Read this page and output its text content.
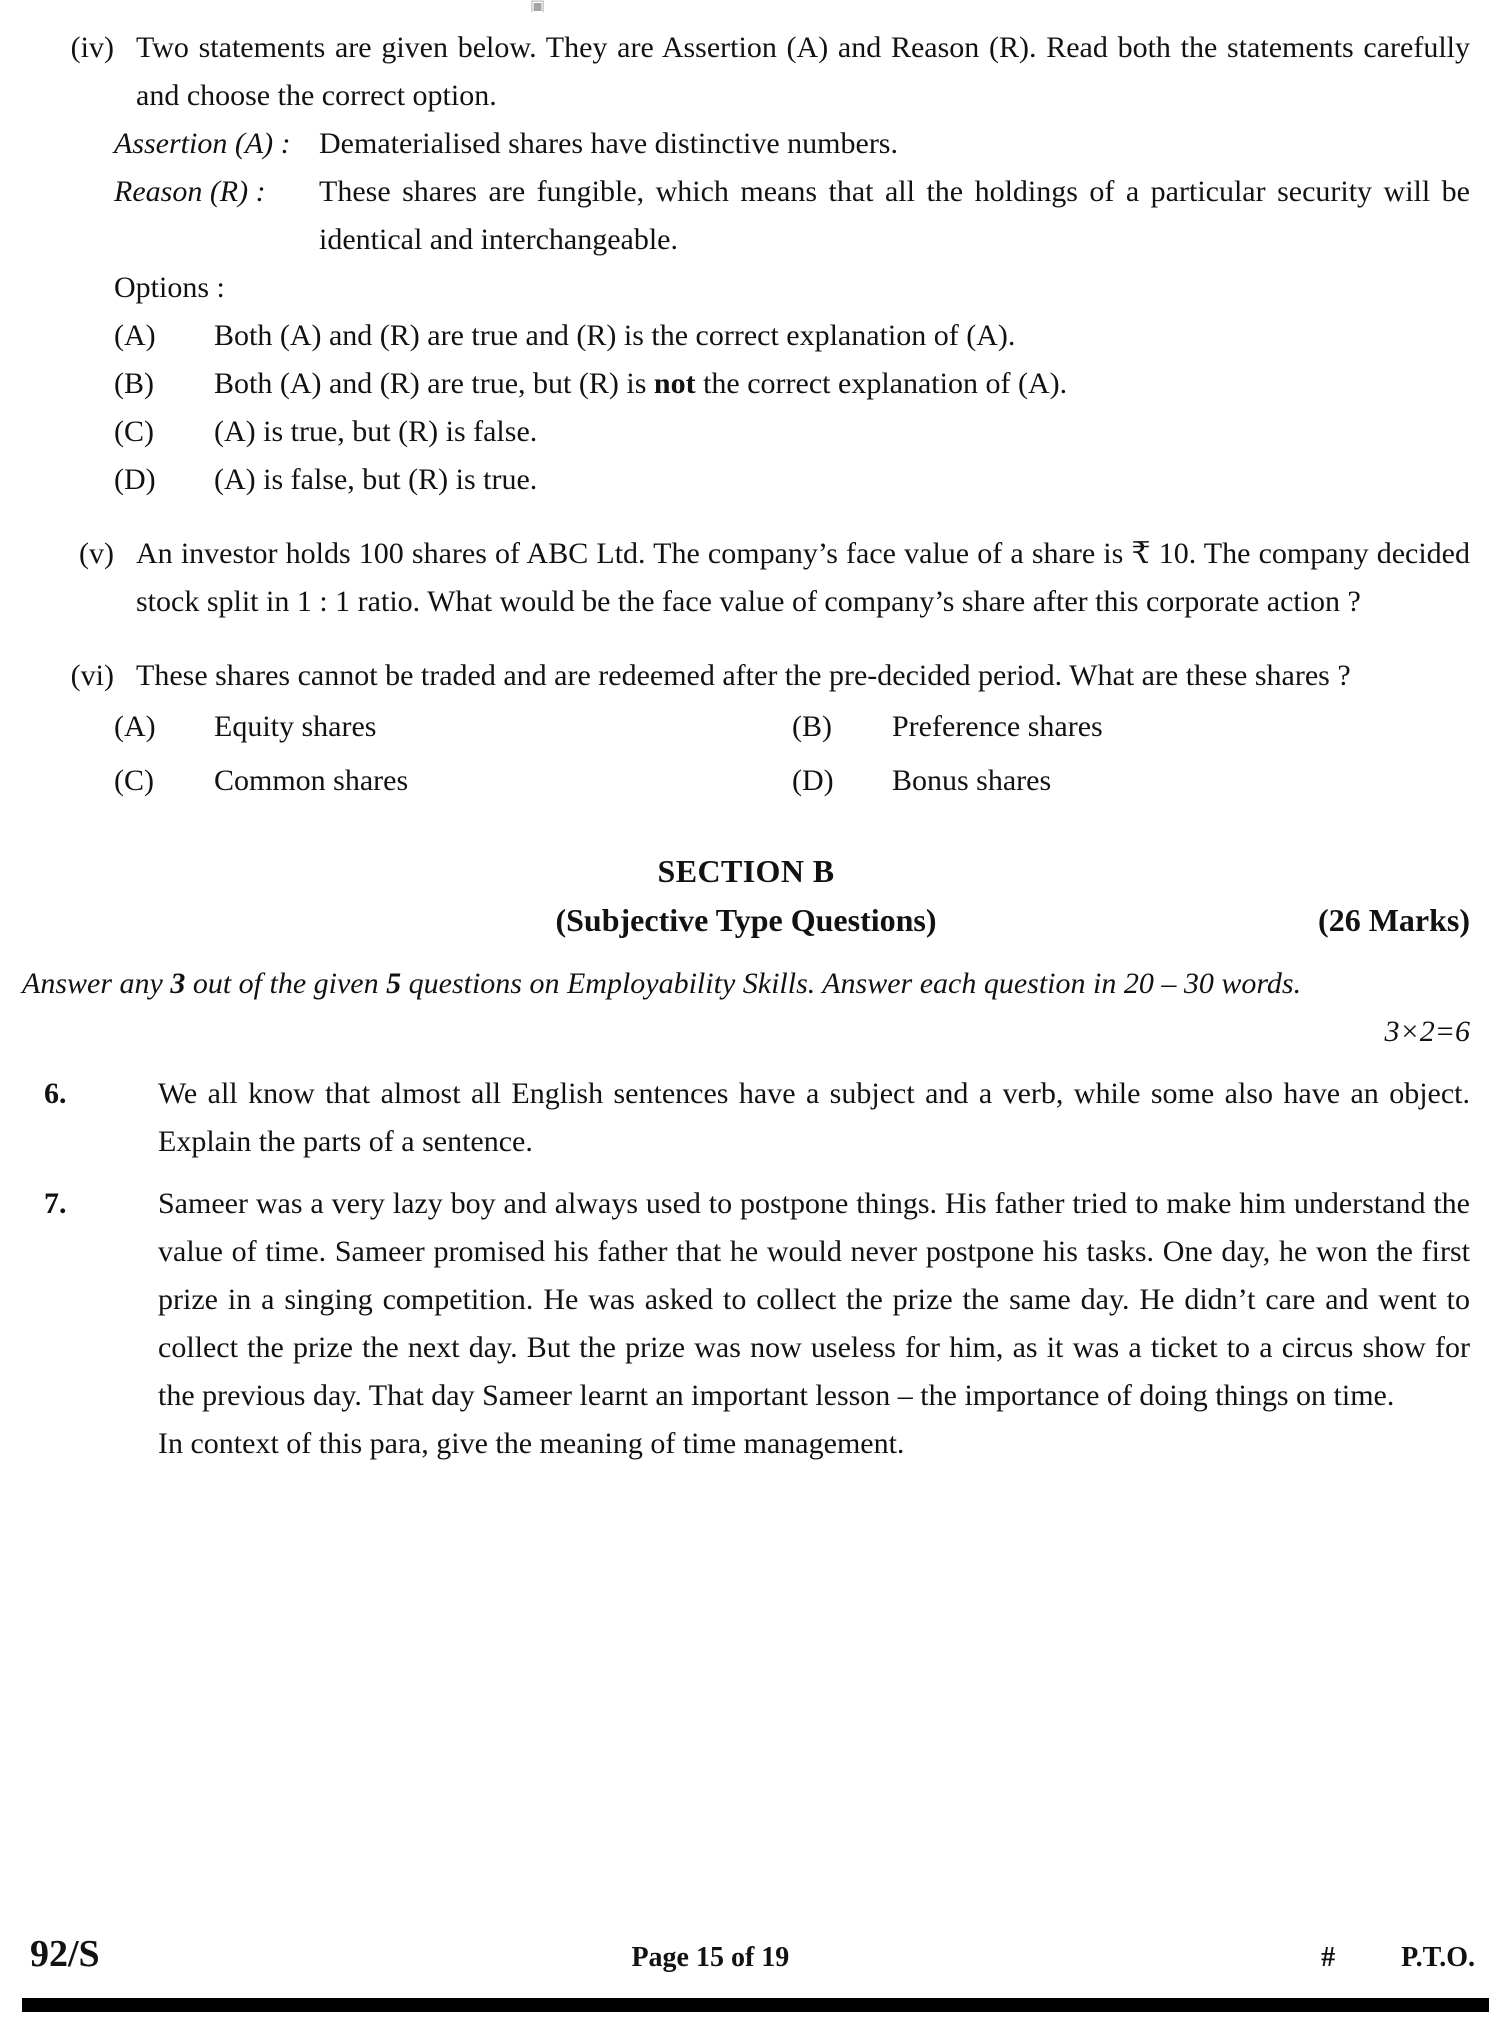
▣
(iv) Two statements are given below. They are Assertion (A) and Reason (R). Read both the statements carefully and choose the correct option.
Assertion (A) : Dematerialised shares have distinctive numbers.
Reason (R) :	These shares are fungible, which means that all the holdings of a particular security will be identical and interchangeable.
Options :
(A)	Both (A) and (R) are true and (R) is the correct explanation of (A).
(B)	Both (A) and (R) are true, but (R) is not the correct explanation of (A).
(C)	(A) is true, but (R) is false.
(D)	(A) is false, but (R) is true.
(v) An investor holds 100 shares of ABC Ltd. The company’s face value of a share is ₹ 10. The company decided stock split in 1 : 1 ratio. What would be the face value of company’s share after this corporate action ?
(vi) These shares cannot be traded and are redeemed after the pre-decided period. What are these shares ?
(A)	Equity shares	(B)	Preference shares
(C)	Common shares	(D)	Bonus shares
SECTION B
(Subjective Type Questions)	(26 Marks)
Answer any 3 out of the given 5 questions on Employability Skills. Answer each question in 20 – 30 words.
3×2=6
6.	We all know that almost all English sentences have a subject and a verb, while some also have an object. Explain the parts of a sentence.
7.	Sameer was a very lazy boy and always used to postpone things. His father tried to make him understand the value of time. Sameer promised his father that he would never postpone his tasks. One day, he won the first prize in a singing competition. He was asked to collect the prize the same day. He didn’t care and went to collect the prize the next day. But the prize was now useless for him, as it was a ticket to a circus show for the previous day. That day Sameer learnt an important lesson – the importance of doing things on time.
In context of this para, give the meaning of time management.
92/S	Page 15 of 19	#	P.T.O.
